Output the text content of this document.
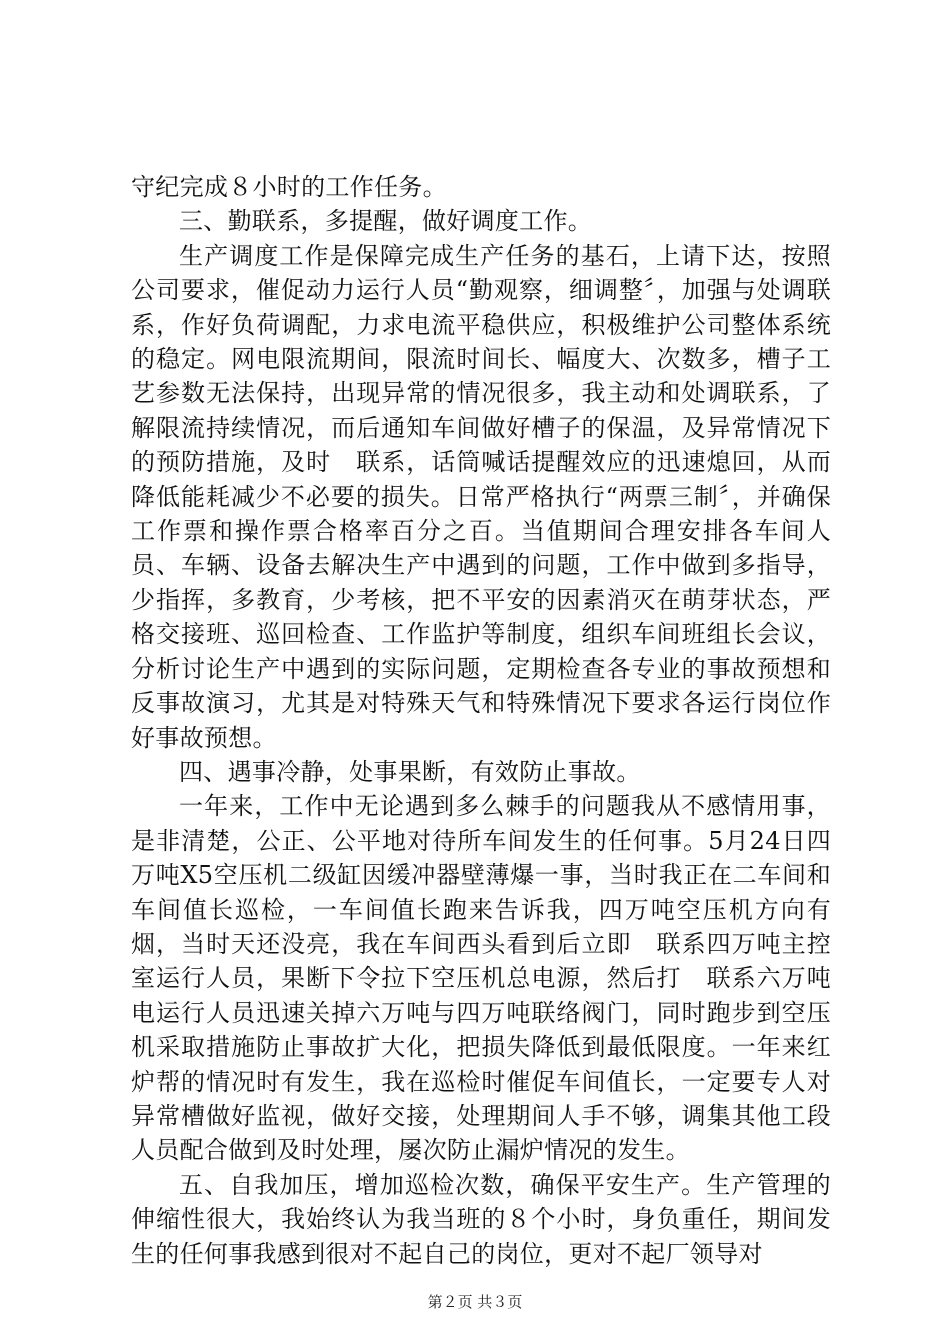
守纪完成８小时的工作任务。

三、勤联系，多提醒，做好调度工作。

生产调度工作是保障完成生产任务的基石，上请下达，按照公司要求，催促动力运行人员“勤观察，细调整〞，加强与处调联系，作好负荷调配，力求电流平稳供应，积极维护公司整体系统的稳定。网电限流期间，限流时间长、幅度大、次数多，槽子工艺参数无法保持，出现异常的情况很多，我主动和处调联系，了解限流持续情况，而后通知车间做好槽子的保温，及异常情况下的预防措施，及时　联系，话筒喊话提醒效应的迅速熄回，从而降低能耗减少不必要的损失。日常严格执行“两票三制〞，并确保工作票和操作票合格率百分之百。当值期间合理安排各车间人员、车辆、设备去解决生产中遇到的问题，工作中做到多指导，少指挥，多教育，少考核，把不平安的因素消灭在萌芽状态，严格交接班、巡回检查、工作监护等制度，组织车间班组长会议，分析讨论生产中遇到的实际问题，定期检查各专业的事故预想和反事故演习，尤其是对特殊天气和特殊情况下要求各运行岗位作好事故预想。

四、遇事冷静，处事果断，有效防止事故。

一年来，工作中无论遇到多么棘手的问题我从不感情用事，是非清楚，公正、公平地对待所车间发生的任何事。5月24日四万吨X5空压机二级缸因缓冲器壁薄爆一事，当时我正在二车间和车间值长巡检，一车间值长跑来告诉我，四万吨空压机方向有烟，当时天还没亮，我在车间西头看到后立即　联系四万吨主控室运行人员，果断下令拉下空压机总电源，然后打　联系六万吨电运行人员迅速关掉六万吨与四万吨联络阀门，同时跑步到空压机采取措施防止事故扩大化，把损失降低到最低限度。一年来红炉帮的情况时有发生，我在巡检时催促车间值长，一定要专人对异常槽做好监视，做好交接，处理期间人手不够，调集其他工段人员配合做到及时处理，屡次防止漏炉情况的发生。

五、自我加压，增加巡检次数，确保平安生产。生产管理的伸缩性很大，我始终认为我当班的８个小时，身负重任，期间发生的任何事我感到很对不起自己的岗位，更对不起厂领导对

第２页 共３页
